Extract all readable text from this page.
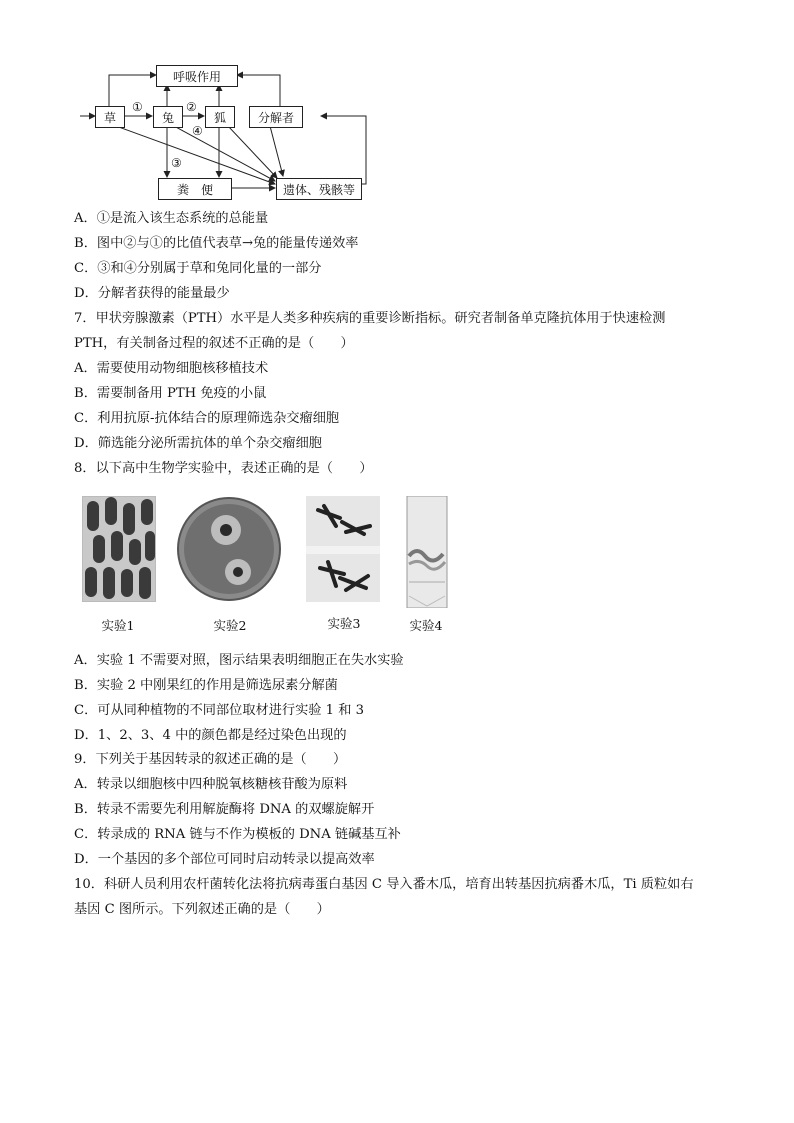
呼吸作用
草	兔	狐	分解者
粪　便	遗体、残骸等
①	②
③
④
A．①是流入该生态系统的总能量
B．图中②与①的比值代表草→兔的能量传递效率
C．③和④分别属于草和兔同化量的一部分
D．分解者获得的能量最少
7．甲状旁腺激素（PTH）水平是人类多种疾病的重要诊断指标。研究者制备单克隆抗体用于快速检测
PTH，有关制备过程的叙述不正确的是（　　）
A．需要使用动物细胞核移植技术
B．需要制备用 PTH 免疫的小鼠
C．利用抗原-抗体结合的原理筛选杂交瘤细胞
D．筛选能分泌所需抗体的单个杂交瘤细胞
8．以下高中生物学实验中，表述正确的是（　　）
实验1	实验2	实验3	实验4
A．实验 1 不需要对照，图示结果表明细胞正在失水实验
B．实验 2 中刚果红的作用是筛选尿素分解菌
C．可从同种植物的不同部位取材进行实验 1 和 3
D．1、2、3、4 中的颜色都是经过染色出现的
9．下列关于基因转录的叙述正确的是（　　）
A．转录以细胞核中四种脱氧核糖核苷酸为原料
B．转录不需要先利用解旋酶将 DNA 的双螺旋解开
C．转录成的 RNA 链与不作为模板的 DNA 链碱基互补
D．一个基因的多个部位可同时启动转录以提高效率
10．科研人员利用农杆菌转化法将抗病毒蛋白基因 C 导入番木瓜，培育出转基因抗病番木瓜，Ti 质粒如右
基因 C 图所示。下列叙述正确的是（　　）
